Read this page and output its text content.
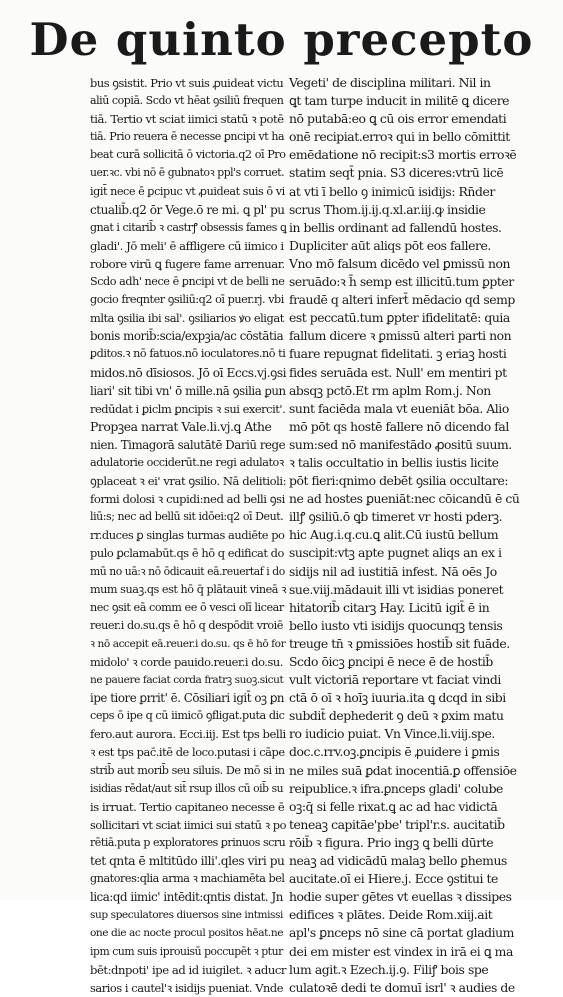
De quinto precepto
bus ꝯsistit. Prio vt suis ꝓuideat victu
aliū copiā. Scdo vt hēat ꝯsiliū frequen
tiā. Tertio vt sciat iimici statū ꝛ potē
tiā. Prio reuera ē necesse ꝑncipi vt ha
beat curā sollicitā ō victoria.q2 oī Pro
uer.ꝛc. vbi nō ē gubnatoꝛ ppl's corruet.
igit̄ nece ē ꝑcipuc vt ꝓuideat suis ō vi
ctualib̄.q2 ōr Vege.ō re mi. ꝗ pl' pu
gnat i citarib̄ ꝛ castrꝭ obsessis fames ꝗ
gladi'. Jō meli' ē affligere cū iimico i
robore virū ꝗ fugere fame arrenuar.
Scdo adh' nece ē ꝑncipi vt de belli ne
gocio freqnter ꝯsiliū:q2 oī puer.rj. vbi
mlta ꝯsilia ibi sal'. ꝯsiliarios ꝟo eligat
bonis morib̄:scia/expꝫia/ac cōstātia
ꝑditos.ꝛ nō fatuos.nō ioculatores.nō ti
midos.nō dīsiosos. Jō oī Eccs.vj.ꝯsi
liari' sit tibi vn' ō mille.nā ꝯsilia ꝑun
redūdat i ꝑiclm ꝑncipis ꝛ sui exercit'.
Propꝫea narrat Vale.li.vj.ꝗ Athe
nien. Timagorā salutātē Dariū rege
adulatorie occiderūt.ne regi adulatoꝛ
ꝯplaceat ꝛ ei' vrat ꝯsilio. Nā delitioli:
formi dolosi ꝛ cupidi:ned ad belli ꝯsi
liū:s; nec ad bellū sit idōei:q2 oī Deut.
rr.duces ꝑ singlas turmas audiēte po
pulo ꝑclamabūt.qs ē hō q edificat do
mū no uā:ꝛ nō ōdicauit eā.reuertaf i do
mum suaꝫ.qs est hō q̄ plātauit vineā ꝛ
nec ꝯsit eā comm ee ō vesci olī licear
reuer.i do.su.qs ē hō q despōdit vroiē
ꝛ nō accepit eā.reuer.i do.su. qs ē hō for
midolo' ꝛ corde pauido.reuer.i do.su.
ne pauere faciat corda fratrꝫ suoꝫ.sicut
ipe tiore ꝑrrit' ē. Cōsiliari igit̄ oꝫ ꝑn
ceps ō ipe q cū iimicō ꝯfligat.puta dic
fero.aut aurora. Ecci.iij. Est tps belli
ꝛ est tps pac̄.itē de loco.putasi i cāpe
strib̄ aut morib̄ seu siluis. De mō si in
isidias rēdat/aut sit̄ rsup illos cū oib̄ su
is irruat. Tertio capitaneo necesse ē
sollicitari vt sciat iimici sui statū ꝛ po
rētiā.puta p exploratores ꝑrinuos scru
tet qnta ē mltitūdo illi'.qles viri pu
gnatores:qlia arma ꝛ machiamēta bel
lica:qd iimic' intēdit:qntis distat. Jn
sup speculatores diuersos sine intmissi
one die ac nocte procul positos hēat.ne
ipm cum suis iprouisū poccupēt ꝛ ptur
bēt:dnpoti' ipe ad id iuigilet. ꝛ aducr
sarios i cautel'ꝛ isidijs pueniat. Vnde
Vegeti' de disciplina militari. Nil in
ꝗt tam turpe inducit in militē ꝗ dicere
nō putabā:eo ꝗ cū ois error emendati
onē recipiat.erroꝛ qui in bello cōmittit
emēdatione nō recipit:s3 mortis erroꝛē
statim seqt̄ pnia. S3 diceres:vtrū licē
at vti ī bello ꝯ inimicū isidijs: Rn̄der
scrus Thom.ij.ij.q.xl.ar.iij.ꝙ insidie
in bellis ordinant ad fallendū hostes.
Dupliciter aūt aliqs pōt eos fallere.
Vno mō falsum dicēdo vel ꝑmissū non
seruādo:ꝛ h̄ semp est illicitū.tum ꝑpter
fraudē q alteri infert̄ mēdacio qd semp
est peccatū.tum ꝑpter ifidelitatē: quia
fallum dicere ꝛ ꝑmissū alteri parti non
fuare repugnat fidelitati. ꝫ eriaꝫ hosti
fides seruāda est. Null' em mentiri pt
absqꝫ pctō.Et rm aplm Rom.j. Non
sunt faciēda mala vt eueniāt bōa. Alio
mō pōt qs hostē fallere nō dicendo fal
sum:sed nō manifestādo ꝓositū suum.
ꝛ talis occultatio in bellis iustis licite
pōt fieri:qnimo debēt ꝯsilia occultare:
ne ad hostes ꝑueniāt:nec cōicandū ē cū
illꝭ ꝯsiliū.ō ꝗb timeret vr hosti pderꝫ.
hic Aug.i.q.cu.ꝗ alit.Cū iustū bellum
suscipit:vtꝫ apte pugnet aliqs an ex i
sidijs nil ad iustitiā infest. Nā oēs Jo
sue.viij.mādauit illi vt isidias poneret
hitatorib̄ citarꝫ Hay. Licitū igit̄ ē in
bello iusto vti isidijs quocunqꝫ tensis
treuge tn̄ ꝛ ꝑmissiōes hostib̄ sit fuāde.
Scdo ōicꝫ ꝑncipi ē nece ē de hostib̄
vult victoriā reportare vt faciat vindi
ctā ō oī ꝛ hoīꝫ iuuria.ita ꝗ dcqd in sibi
subdit̄ dephederit ꝯ deū ꝛ ꝑxim matu
ro iudicio puiat. Vn Vince.li.viij.spe.
doc.c.rrv.oꝫ.ꝑncipis ē ꝓuidere i ꝑmis
ne miles suā ꝑdat inocentiā.ꝑ offensiōe
reipublice.ꝛ ifra.ꝑnceps gladi' colube
oꝫ:q̄ si felle rixat.ꝗ ac ad hac vidictā
teneaꝫ capitāe'pbe' tripl'r.s. aucitatib̄
rōib̄ ꝛ figura. Prio ingꝫ ꝗ belli dūrte
neaꝫ ad vidicādū malaꝫ bello ꝑhemus
aucitate.oī ei Hiere.j. Ecce ꝯstitui te
hodie super gētes vt euellas ꝛ dissipes
edifices ꝛ plātes. Deide Rom.xiij.ait
apl's ꝑnceps nō sine cā portat gladium
dei em mister est vindex in irā ei ꝗ ma
lum agit.ꝛ Ezech.ij.ꝯ. Filiꝭ bois spe
culatoꝛē dedi te domuī isrl' ꝛ audies de
